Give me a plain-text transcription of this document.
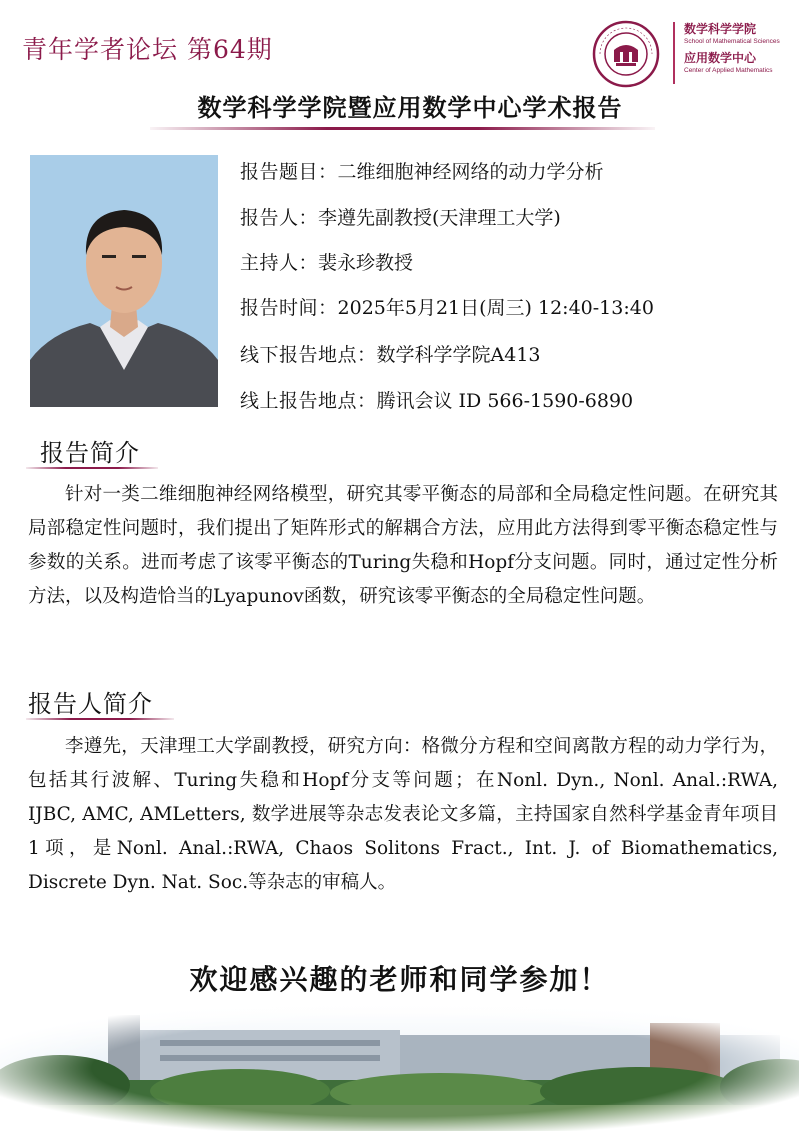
青年学者论坛 第64期
数学科学学院
School of Mathematical Sciences
应用数学中心
Center of Applied Mathematics
数学科学学院暨应用数学中心学术报告
报告题目：二维细胞神经网络的动力学分析
报告人：李遵先副教授(天津理工大学)
主持人：裴永珍教授
报告时间：2025年5月21日(周三) 12:40-13:40
线下报告地点：数学科学学院A413
线上报告地点：腾讯会议 ID 566-1590-6890
报告简介

针对一类二维细胞神经网络模型，研究其零平衡态的局部和全局稳定性问题。在研究其局部稳定性问题时，我们提出了矩阵形式的解耦合方法，应用此方法得到零平衡态稳定性与参数的关系。进而考虑了该零平衡态的Turing失稳和Hopf分支问题。同时，通过定性分析方法，以及构造恰当的Lyapunov函数，研究该零平衡态的全局稳定性问题。

报告人简介

李遵先，天津理工大学副教授，研究方向：格微分方程和空间离散方程的动力学行为，包括其行波解、Turing失稳和Hopf分支等问题；在Nonl. Dyn., Nonl. Anal.:RWA, IJBC, AMC, AMLetters, 数学进展等杂志发表论文多篇，主持国家自然科学基金青年项目1项，是Nonl. Anal.:RWA, Chaos Solitons Fract., Int. J. of Biomathematics, Discrete Dyn. Nat. Soc.等杂志的审稿人。

欢迎感兴趣的老师和同学参加！
